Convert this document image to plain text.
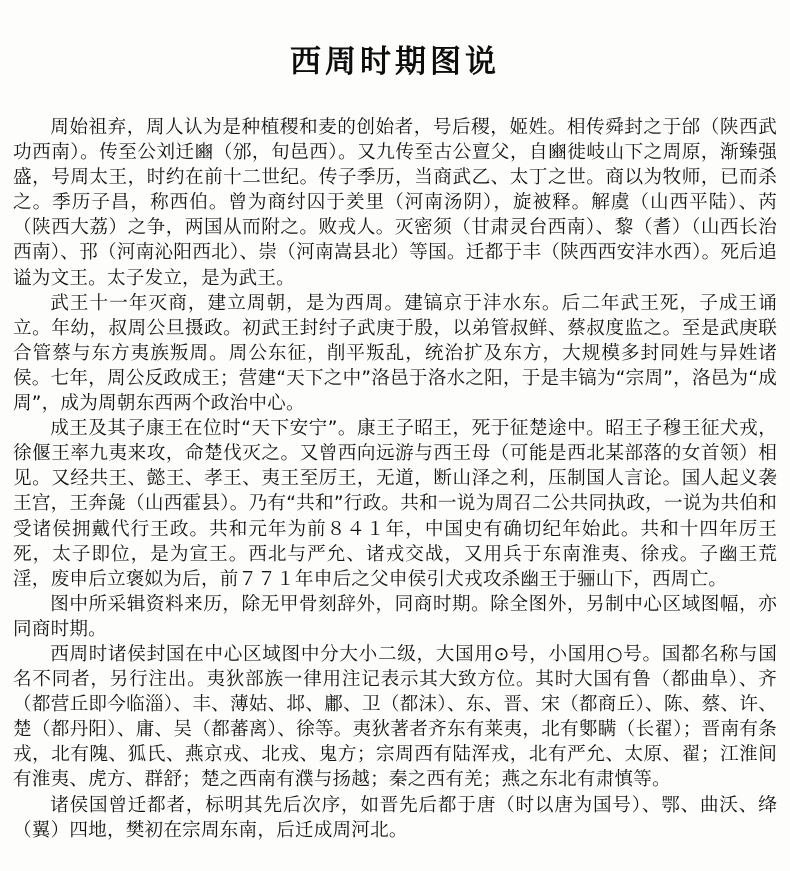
西周时期图说

周始祖弃，周人认为是种植稷和麦的创始者，号后稷，姬姓。相传舜封之于邰（陕西武功西南）。传至公刘迁豳（邠，旬邑西）。又九传至古公亶父，自豳徙岐山下之周原，渐臻强盛，号周太王，时约在前十二世纪。传子季历，当商武乙、太丁之世。商以为牧师，已而杀之。季历子昌，称西伯。曾为商纣囚于羑里（河南汤阴），旋被释。解虞（山西平陆）、芮（陕西大荔）之争，两国从而附之。败戎人。灭密须（甘肃灵台西南）、黎（耆）（山西长治西南）、邘（河南沁阳西北）、崇（河南嵩县北）等国。迁都于丰（陕西西安沣水西）。死后追谥为文王。太子发立，是为武王。

武王十一年灭商，建立周朝，是为西周。建镐京于沣水东。后二年武王死，子成王诵立。年幼，叔周公旦摄政。初武王封纣子武庚于殷，以弟管叔鲜、蔡叔度监之。至是武庚联合管蔡与东方夷族叛周。周公东征，削平叛乱，统治扩及东方，大规模多封同姓与异姓诸侯。七年，周公反政成王；营建“天下之中”洛邑于洛水之阳，于是丰镐为“宗周”，洛邑为“成周”，成为周朝东西两个政治中心。

成王及其子康王在位时“天下安宁”。康王子昭王，死于征楚途中。昭王子穆王征犬戎，徐偃王率九夷来攻，命楚伐灭之。又曾西向远游与西王母（可能是西北某部落的女首领）相见。又经共王、懿王、孝王、夷王至厉王，无道，断山泽之利，压制国人言论。国人起义袭王宫，王奔彘（山西霍县）。乃有“共和”行政。共和一说为周召二公共同执政，一说为共伯和受诸侯拥戴代行王政。共和元年为前８４１年，中国史有确切纪年始此。共和十四年厉王死，太子即位，是为宣王。西北与严允、诸戎交战，又用兵于东南淮夷、徐戎。子幽王荒淫，废申后立褒姒为后，前７７１年申后之父申侯引犬戎攻杀幽王于骊山下，西周亡。

图中所采辑资料来历，除无甲骨刻辞外，同商时期。除全图外，另制中心区域图幅，亦同商时期。

西周时诸侯封国在中心区域图中分大小二级，大国用⊙号，小国用○号。国都名称与国名不同者，另行注出。夷狄部族一律用注记表示其大致方位。其时大国有鲁（都曲阜）、齐（都营丘即今临淄）、丰、薄姑、邶、鄘、卫（都沬）、东、晋、宋（都商丘）、陈、蔡、许、楚（都丹阳）、庸、吴（都蕃离）、徐等。夷狄著者齐东有莱夷，北有鄋瞒（长翟）；晋南有条戎，北有隗、狐氏、燕京戎、北戎、鬼方；宗周西有陆浑戎，北有严允、太原、翟；江淮间有淮夷、虎方、群舒；楚之西南有濮与扬越；秦之西有羌；燕之东北有肃慎等。

诸侯国曾迁都者，标明其先后次序，如晋先后都于唐（时以唐为国号）、鄂、曲沃、绛（翼）四地，樊初在宗周东南，后迁成周河北。
